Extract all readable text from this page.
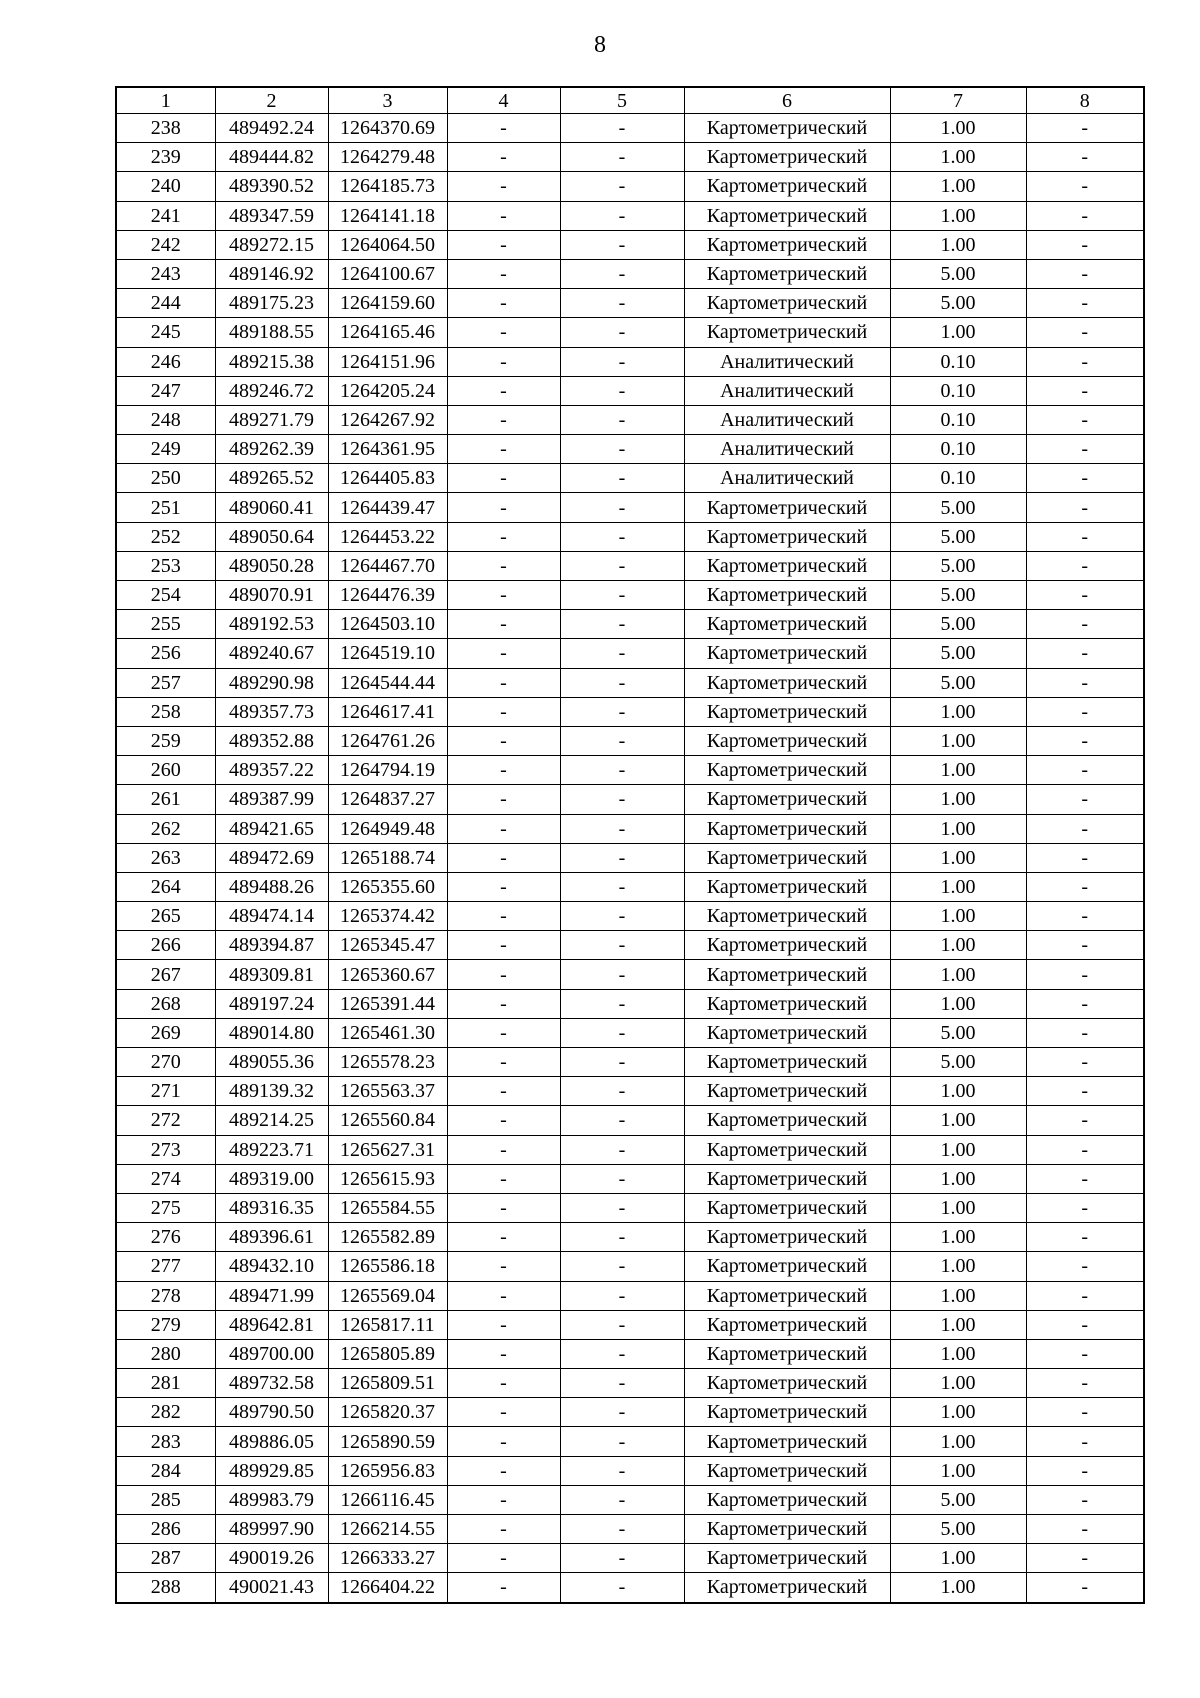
8
1	2	3	4	5	6	7	8
238	489492.24	1264370.69	-	-	Картометрический	1.00	-
239	489444.82	1264279.48	-	-	Картометрический	1.00	-
240	489390.52	1264185.73	-	-	Картометрический	1.00	-
241	489347.59	1264141.18	-	-	Картометрический	1.00	-
242	489272.15	1264064.50	-	-	Картометрический	1.00	-
243	489146.92	1264100.67	-	-	Картометрический	5.00	-
244	489175.23	1264159.60	-	-	Картометрический	5.00	-
245	489188.55	1264165.46	-	-	Картометрический	1.00	-
246	489215.38	1264151.96	-	-	Аналитический	0.10	-
247	489246.72	1264205.24	-	-	Аналитический	0.10	-
248	489271.79	1264267.92	-	-	Аналитический	0.10	-
249	489262.39	1264361.95	-	-	Аналитический	0.10	-
250	489265.52	1264405.83	-	-	Аналитический	0.10	-
251	489060.41	1264439.47	-	-	Картометрический	5.00	-
252	489050.64	1264453.22	-	-	Картометрический	5.00	-
253	489050.28	1264467.70	-	-	Картометрический	5.00	-
254	489070.91	1264476.39	-	-	Картометрический	5.00	-
255	489192.53	1264503.10	-	-	Картометрический	5.00	-
256	489240.67	1264519.10	-	-	Картометрический	5.00	-
257	489290.98	1264544.44	-	-	Картометрический	5.00	-
258	489357.73	1264617.41	-	-	Картометрический	1.00	-
259	489352.88	1264761.26	-	-	Картометрический	1.00	-
260	489357.22	1264794.19	-	-	Картометрический	1.00	-
261	489387.99	1264837.27	-	-	Картометрический	1.00	-
262	489421.65	1264949.48	-	-	Картометрический	1.00	-
263	489472.69	1265188.74	-	-	Картометрический	1.00	-
264	489488.26	1265355.60	-	-	Картометрический	1.00	-
265	489474.14	1265374.42	-	-	Картометрический	1.00	-
266	489394.87	1265345.47	-	-	Картометрический	1.00	-
267	489309.81	1265360.67	-	-	Картометрический	1.00	-
268	489197.24	1265391.44	-	-	Картометрический	1.00	-
269	489014.80	1265461.30	-	-	Картометрический	5.00	-
270	489055.36	1265578.23	-	-	Картометрический	5.00	-
271	489139.32	1265563.37	-	-	Картометрический	1.00	-
272	489214.25	1265560.84	-	-	Картометрический	1.00	-
273	489223.71	1265627.31	-	-	Картометрический	1.00	-
274	489319.00	1265615.93	-	-	Картометрический	1.00	-
275	489316.35	1265584.55	-	-	Картометрический	1.00	-
276	489396.61	1265582.89	-	-	Картометрический	1.00	-
277	489432.10	1265586.18	-	-	Картометрический	1.00	-
278	489471.99	1265569.04	-	-	Картометрический	1.00	-
279	489642.81	1265817.11	-	-	Картометрический	1.00	-
280	489700.00	1265805.89	-	-	Картометрический	1.00	-
281	489732.58	1265809.51	-	-	Картометрический	1.00	-
282	489790.50	1265820.37	-	-	Картометрический	1.00	-
283	489886.05	1265890.59	-	-	Картометрический	1.00	-
284	489929.85	1265956.83	-	-	Картометрический	1.00	-
285	489983.79	1266116.45	-	-	Картометрический	5.00	-
286	489997.90	1266214.55	-	-	Картометрический	5.00	-
287	490019.26	1266333.27	-	-	Картометрический	1.00	-
288	490021.43	1266404.22	-	-	Картометрический	1.00	-
